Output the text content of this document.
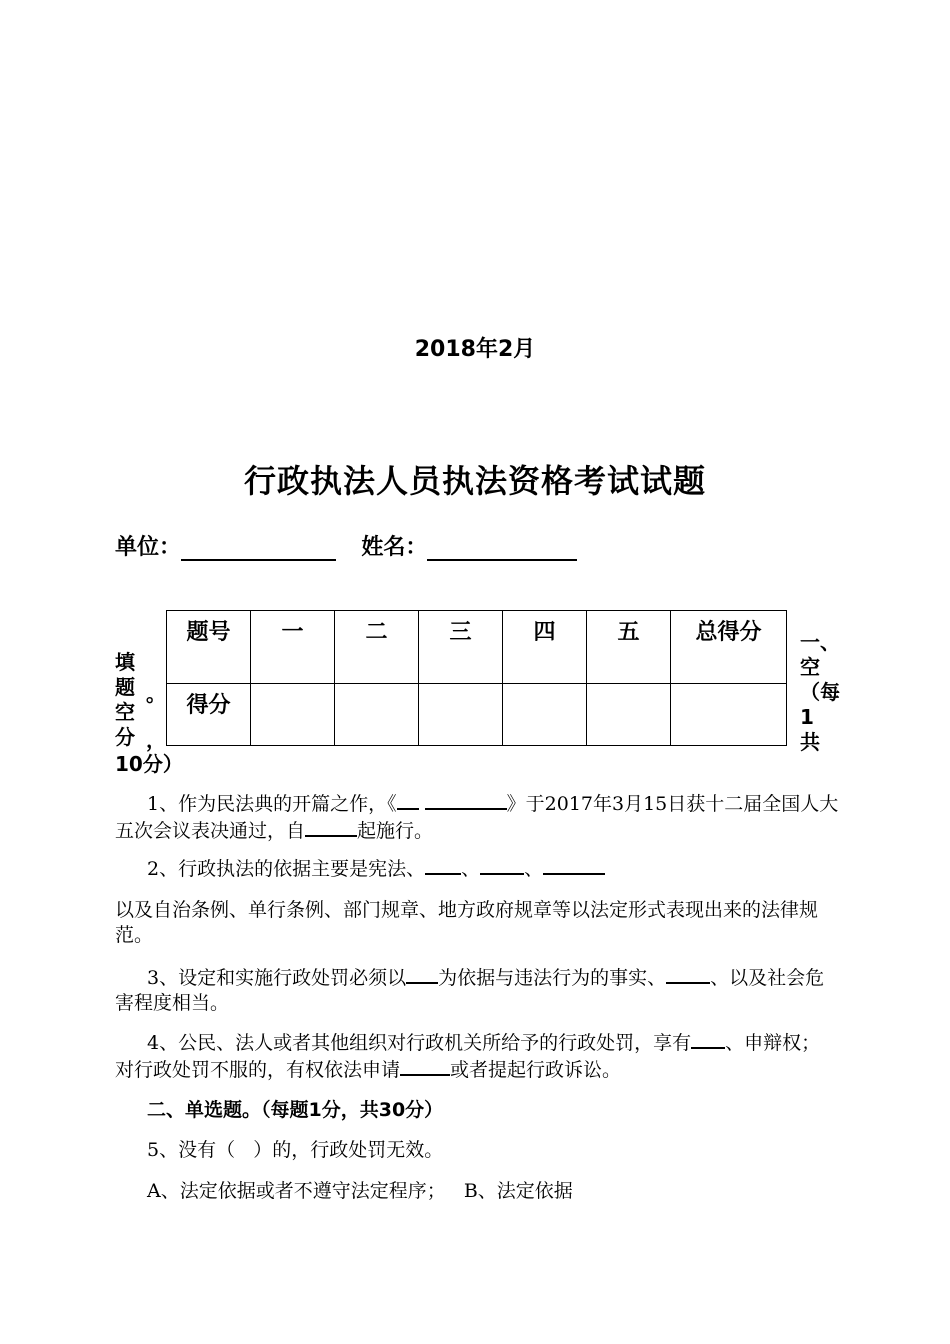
2018年2月
行政执法人员执法资格考试试题
单位：	姓名：
题号	一	二	三	四	五	总得分
得分						
一、
空
（每
1
共
填
题
空
分
。
，
10分）
1、作为民法典的开篇之作，《	》于2017年3月15日获十二届全国人大五次会议表决通过，自	起施行。
2、行政执法的依据主要是宪法、 、 、
以及自治条例、单行条例、部门规章、地方政府规章等以法定形式表现出来的法律规范。
3、设定和实施行政处罚必须以 为依据与违法行为的事实、 、以及社会危害程度相当。
4、公民、法人或者其他组织对行政机关所给予的行政处罚，享有 、申辩权；对行政处罚不服的，有权依法申请	或者提起行政诉讼。
二、单选题。（每题1分，共30分）
5、没有（   ）的，行政处罚无效。
A、法定依据或者不遵守法定程序；   B、法定依据
